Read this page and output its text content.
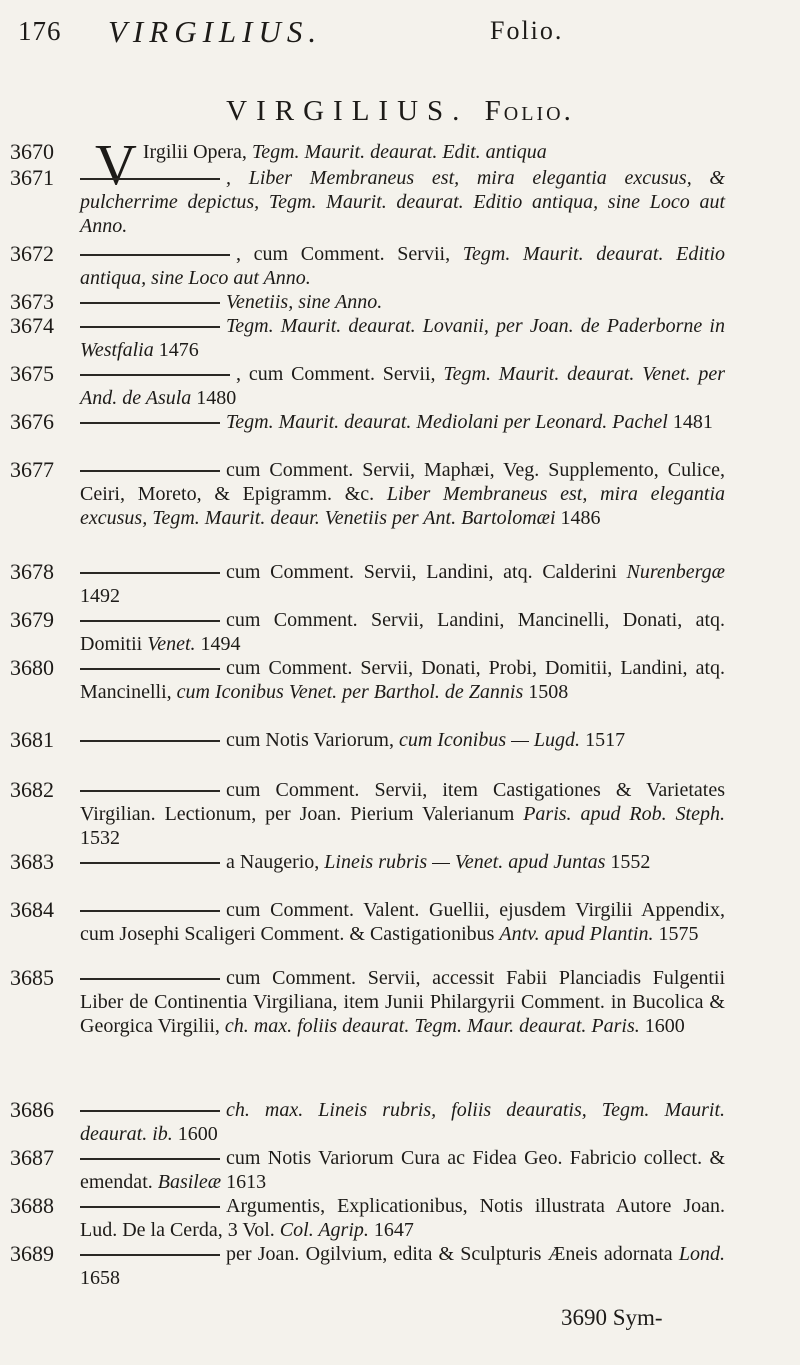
176 VIRGILIUS.	Folio.
VIRGILIUS. Folio.
3670 V Irgilii Opera, Tegm. Maurit. deaurat. Edit. antiqua
3671	, Liber Membraneus est, mira elegantia excusus, & pulcherrime depictus, Tegm. Maurit. deaurat. Editio antiqua, sine Loco aut Anno.
3672	, cum Comment. Servii, Tegm. Maurit. deaurat. Editio antiqua, sine Loco aut Anno.
3673	Venetiis, sine Anno.
3674	Tegm. Maurit. deaurat. Lovanii, per Joan. de Paderborne in Westfalia 1476
3675	, cum Comment. Servii, Tegm. Maurit. deaurat. Venet. per And. de Asula 1480
3676	Tegm. Maurit. deaurat. Mediolani per Leonard. Pachel 1481
3677	cum Comment. Servii, Maphæi, Veg. Supplemento, Culice, Ceiri, Moreto, & Epigramm. &c. Liber Membraneus est, mira elegantia excusus, Tegm. Maurit. deaur. Venetiis per Ant. Bartolomæi 1486
3678	cum Comment. Servii, Landini, atq. Calderini Nurenbergæ 1492
3679	cum Comment. Servii, Landini, Mancinelli, Donati, atq. Domitii Venet. 1494
3680	cum Comment. Servii, Donati, Probi, Domitii, Landini, atq. Mancinelli, cum Iconibus Venet. per Barthol. de Zannis 1508
3681	cum Notis Variorum, cum Iconibus — Lugd. 1517
3682	cum Comment. Servii, item Castigationes & Varietates Virgilian. Lectionum, per Joan. Pierium Valerianum Paris. apud Rob. Steph. 1532
3683	a Naugerio, Lineis rubris — Venet. apud Juntas 1552
3684	cum Comment. Valent. Guellii, ejusdem Virgilii Appendix, cum Josephi Scaligeri Comment. & Castigationibus Antv. apud Plantin. 1575
3685	cum Comment. Servii, accessit Fabii Planciadis Fulgentii Liber de Continentia Virgiliana, item Junii Philargyrii Comment. in Bucolica & Georgica Virgilii, ch. max. foliis deaurat. Tegm. Maur. deaurat. Paris. 1600
3686	ch. max. Lineis rubris, foliis deauratis, Tegm. Maurit. deaurat. ib. 1600
3687	cum Notis Variorum Cura ac Fidea Geo. Fabricio collect. & emendat. Basileæ 1613
3688	Argumentis, Explicationibus, Notis illustrata Autore Joan. Lud. De la Cerda, 3 Vol. Col. Agrip. 1647
3689	per Joan. Ogilvium, edita & Sculpturis Æneis adornata Lond. 1658
3690 Sym-
